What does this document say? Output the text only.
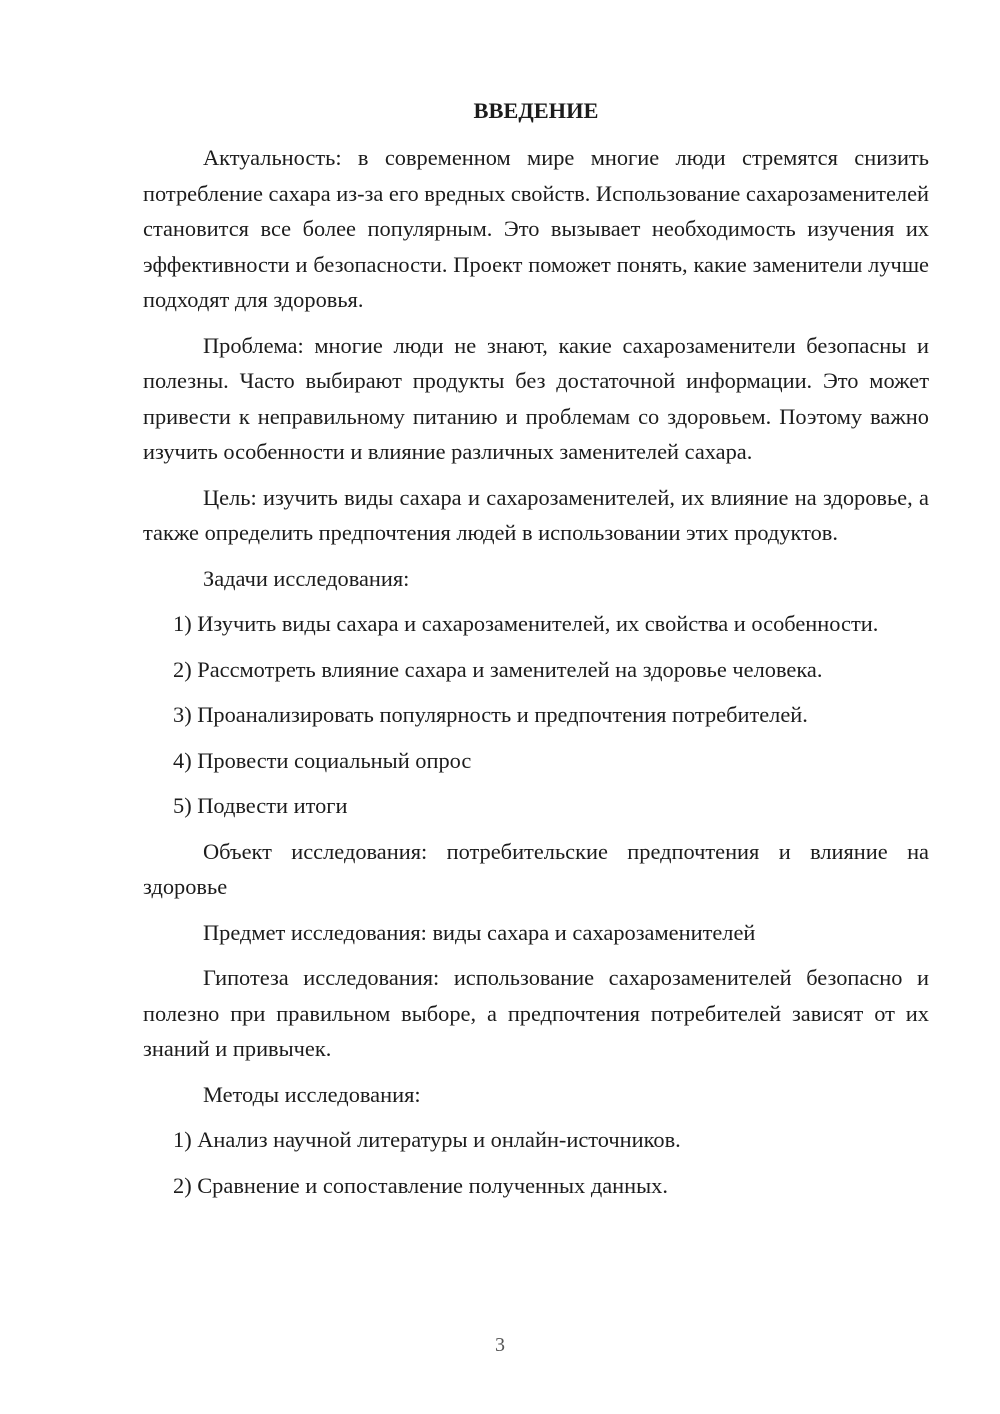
ВВЕДЕНИЕ
Актуальность: в современном мире многие люди стремятся снизить потребление сахара из-за его вредных свойств. Использование сахарозаменителей становится все более популярным. Это вызывает необходимость изучения их эффективности и безопасности. Проект поможет понять, какие заменители лучше подходят для здоровья.
Проблема: многие люди не знают, какие сахарозаменители безопасны и полезны. Часто выбирают продукты без достаточной информации. Это может привести к неправильному питанию и проблемам со здоровьем. Поэтому важно изучить особенности и влияние различных заменителей сахара.
Цель: изучить виды сахара и сахарозаменителей, их влияние на здоровье, а также определить предпочтения людей в использовании этих продуктов.
Задачи исследования:
1) Изучить виды сахара и сахарозаменителей, их свойства и особенности.
2) Рассмотреть влияние сахара и заменителей на здоровье человека.
3) Проанализировать популярность и предпочтения потребителей.
4) Провести социальный опрос
5) Подвести итоги
Объект исследования: потребительские предпочтения и влияние на здоровье
Предмет исследования: виды сахара и сахарозаменителей
Гипотеза исследования: использование сахарозаменителей безопасно и полезно при правильном выборе, а предпочтения потребителей зависят от их знаний и привычек.
Методы исследования:
1) Анализ научной литературы и онлайн-источников.
2) Сравнение и сопоставление полученных данных.
3
